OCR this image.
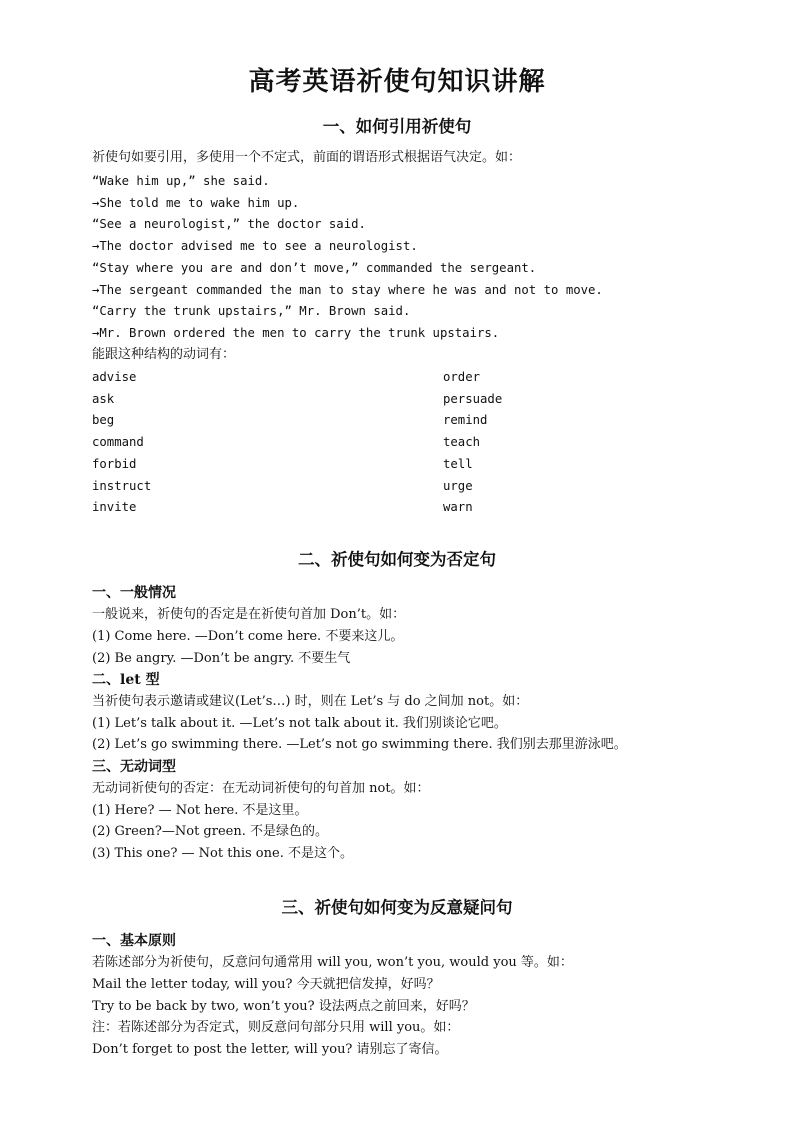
高考英语祈使句知识讲解
一、如何引用祈使句
祈使句如要引用，多使用一个不定式，前面的谓语形式根据语气决定。如：
“Wake him up,” she said.
→She told me to wake him up.
“See a neurologist,” the doctor said.
→The doctor advised me to see a neurologist.
“Stay where you are and don’t move,” commanded the sergeant.
→The sergeant commanded the man to stay where he was and not to move.
“Carry the trunk upstairs,” Mr. Brown said.
→Mr. Brown ordered the men to carry the trunk upstairs.
能跟这种结构的动词有：
advise
ask
beg
command
forbid
instruct
invite
order
persuade
remind
teach
tell
urge
warn
二、祈使句如何变为否定句
一、一般情况
一般说来，祈使句的否定是在祈使句首加 Don’t。如：
(1) Come here. —Don’t come here. 不要来这儿。
(2) Be angry. —Don’t be angry. 不要生气
二、let 型
当祈使句表示邀请或建议(Let’s…) 时，则在 Let’s 与 do 之间加 not。如：
(1) Let’s talk about it. —Let’s not talk about it. 我们别谈论它吧。
(2) Let’s go swimming there. —Let’s not go swimming there. 我们别去那里游泳吧。
三、无动词型
无动词祈使句的否定：在无动词祈使句的句首加 not。如：
(1) Here? — Not here. 不是这里。
(2) Green?—Not green. 不是绿色的。
(3) This one? — Not this one. 不是这个。
三、祈使句如何变为反意疑问句
一、基本原则
若陈述部分为祈使句，反意问句通常用 will you, won’t you, would you 等。如：
Mail the letter today, will you? 今天就把信发掉，好吗？
Try to be back by two, won’t you? 设法两点之前回来，好吗？
注：若陈述部分为否定式，则反意问句部分只用 will you。如：
Don’t forget to post the letter, will you? 请别忘了寄信。
